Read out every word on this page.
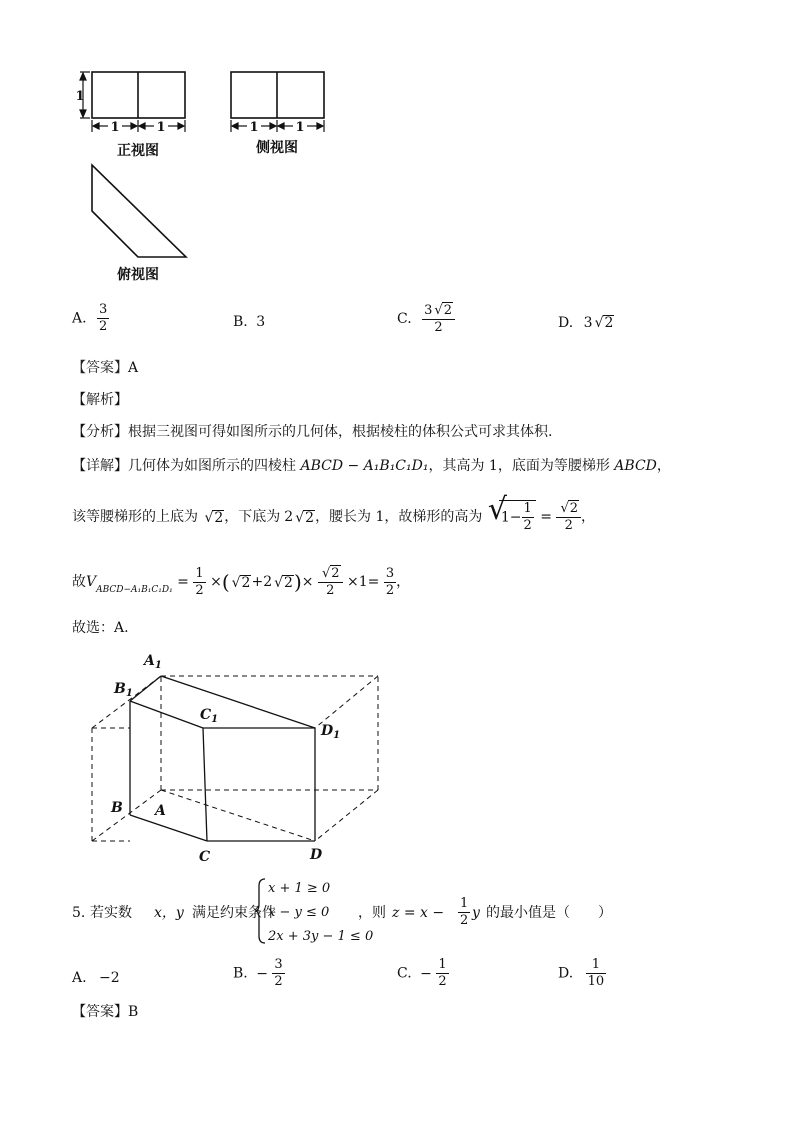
1
1	1
正视图
1	1
侧视图
俯视图
A. $\frac{3}{2}$	B. 3	C. $\frac{3 √ 2}{2}$	D. 3 √ 2
【答案】A
【解析】
【分析】根据三视图可得如图所示的几何体，根据棱柱的体积公式可求其体积.
【详解】几何体为如图所示的四棱柱 ABCD − A₁B₁C₁D₁，其高为 1，底面为等腰梯形 ABCD，
该等腰梯形的上底为 √ 2，下底为 2 √ 2，腰长为 1，故梯形的高为 √
$1- \frac{1}{2}$ = √ $\frac{2}{2}$ ，
故$V_{ABCD-A_1B_1C_1D_1} = \frac{1}{2}$ ×( √ 2+2 √ 2)× √ $\frac{2}{2} \times 1= \frac{3}{2}$ ，
故选：A.
$A_1$
$B_1$
$C_1$
$D_1$
B A
C	D
5. 若实数 x，y 满足约束条件
x + 1 ≥ 0
x − y ≤ 0
2x + 3y − 1 ≤ 0
，则 $z = x - \frac{1}{2}$ y 的最小值是（　　）
A. −2	B. − $\frac{3}{2}$	C. − $\frac{1}{2}$	D. $\frac{1}{10}$
【答案】B
